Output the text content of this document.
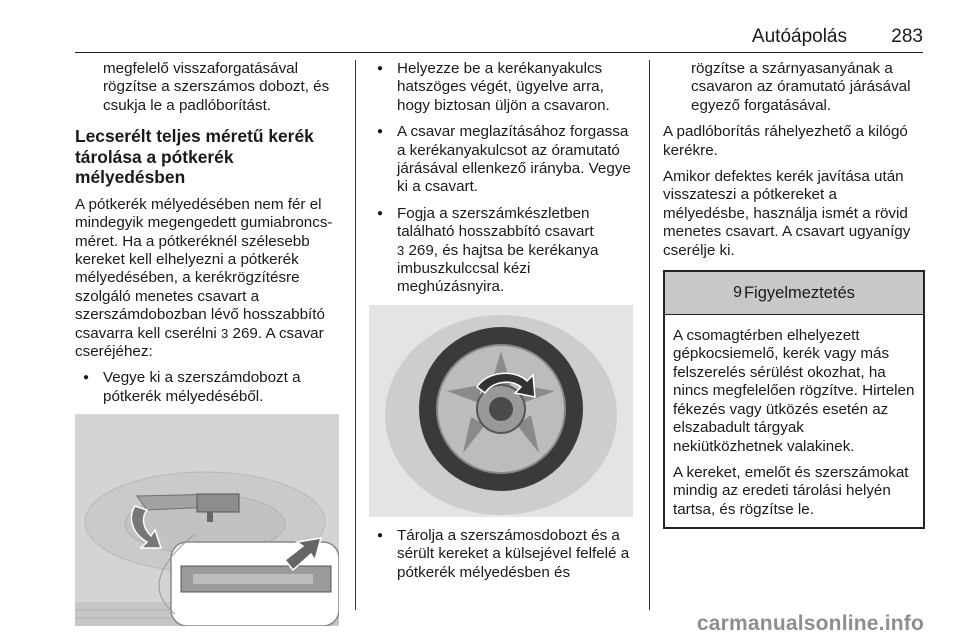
Autóápolás 283

megfelelő visszaforgatásával rögzítse a szerszámos dobozt, és csukja le a padlóborítást.

Lecserélt teljes méretű kerék tárolása a pótkerék mélyedésben

A pótkerék mélyedésében nem fér el mindegyik megengedett gumiabroncs-méret. Ha a pótkeréknél szélesebb kereket kell elhelyezni a pótkerék mélyedésében, a kerékrögzítésre szolgáló menetes csavart a szerszámdobozban lévő hosszabbító csavarra kell cserélni 3 269. A csavar cseréjéhez:

● Vegye ki a szerszámdobozt a pótkerék mélyedéséből.

● Helyezze be a kerékanyakulcs hatszöges végét, ügyelve arra, hogy biztosan üljön a csavaron.

● A csavar meglazításához forgassa a kerékanyakulcsot az óramutató járásával ellenkező irányba. Vegye ki a csavart.

● Fogja a szerszámkészletben található hosszabbító csavart
3 269, és hajtsa be kerékanya imbuszkulccsal kézi meghúzásnyira.

● Tárolja a szerszámosdobozt és a sérült kereket a külsejével felfelé a pótkerék mélyedésben és

rögzítse a szárnyasanyának a csavaron az óramutató járásával egyező forgatásával.

A padlóborítás ráhelyezhető a kilógó kerékre.

Amikor defektes kerék javítása után visszateszi a pótkereket a mélyedésbe, használja ismét a rövid menetes csavart. A csavart ugyanígy cserélje ki.

9 Figyelmeztetés

A csomagtérben elhelyezett gépkocsiemelő, kerék vagy más felszerelés sérülést okozhat, ha nincs megfelelően rögzítve. Hirtelen fékezés vagy ütközés esetén az elszabadult tárgyak nekiütközhetnek valakinek.

A kereket, emelőt és szerszámokat mindig az eredeti tárolási helyén tartsa, és rögzítse le.

carmanualsonline.info
